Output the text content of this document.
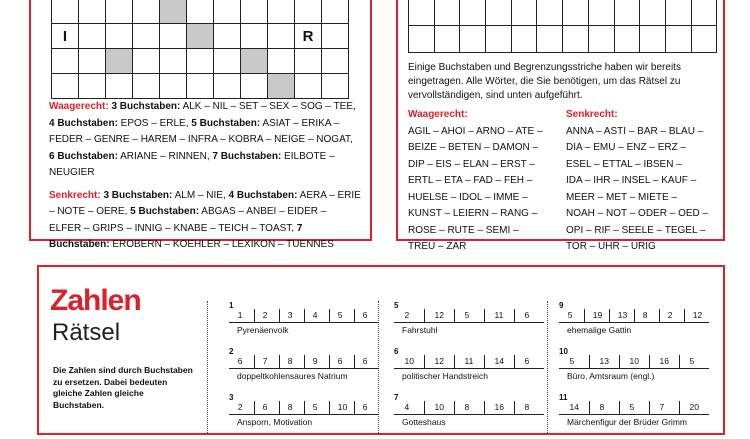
I									R	

Waagerecht: 3 Buchstaben: ALK – NIL – SET – SEX – SOG – TEE, 4 Buchstaben: EPOS – ERLE, 5 Buchstaben: ASIAT – ERIKA – FEDER – GENRE – HAREM – INFRA – KOBRA – NEIGE – NOGAT, 6 Buchstaben: ARIANE – RINNEN, 7 Buchstaben: EILBOTE – NEUGIER
Senkrecht: 3 Buchstaben: ALM – NIE, 4 Buchstaben: AERA – ERIE – NOTE – OERE, 5 Buchstaben: ABGAS – ANBEI – EIDER – ELFER – GRIPS – INNIG – KNABE – TEICH – TOAST, 7 Buchstaben: EROBERN – KOEHLER – LEXIKON – TUENNES

Einige Buchstaben und Begrenzungsstriche haben wir bereits eingetragen. Alle Wörter, die Sie benötigen, um das Rätsel zu vervollständigen, sind unten aufgeführt.
Waagerecht:
AGIL – AHOI – ARNO – ATE –
BEIZE – BETEN – DAMON –
DIP – EIS – ELAN – ERST –
ERTL – ETA – FAD – FEH –
HUELSE – IDOL – IMME –
KUNST – LEIERN – RANG –
ROSE – RUTE – SEMI –
TREU – ZAR
Senkrecht:
ANNA – ASTI – BAR – BLAU –
DIA – EMU – ENZ – ERZ –
ESEL – ETTAL – IBSEN –
IDA – IHR – INSEL – KAUF –
MEER – MET – MIETE –
NOAH – NOT – ODER – OED –
OPI – RIF – SEELE – TEGEL –
TOR – UHR – URIG
Zahlen
Rätsel
Die Zahlen sind durch Buchstaben zu ersetzen. Dabei bedeuten gleiche Zahlen gleiche Buchstaben.
1
1 2 3 4 5 6
Pyrenäenvolk
2
6 7 8 9 6 6
doppeltkohlensaures Natrium
3
2 6 8 5 10 6
Ansporn, Motivation
5
2	12 5	11 6
Fahrstuhl
6
10 12 11 14 6
politischer Handstreich
7
4	10 8	16 8
Gotteshaus
9
5 19 13 8 2 12
ehemalige Gattin
10
5	13 10 16 5
Büro, Amtsraum (engl.)
11
14 8	5	7	20
Märchenfigur der Brüder Grimm
